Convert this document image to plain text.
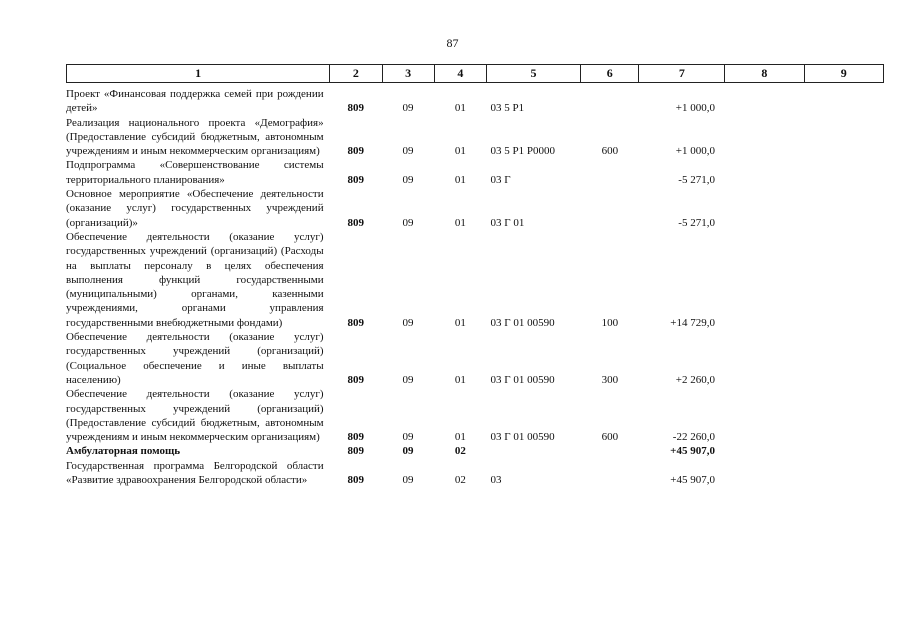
87
1	2	3	4	5	6	7	8	9
Проект «Финансовая поддержка семей при рождении детей»	809	09	01	03 5 Р1		+1 000,0		
Реализация национального проекта «Демография» (Предоставление субсидий бюджетным, автономным учреждениям и иным некоммерческим организациям)	809	09	01	03 5 Р1 Р0000	600	+1 000,0		
Подпрограмма «Совершенствование системы территориального планирования»	809	09	01	03 Г		-5 271,0		
Основное мероприятие «Обеспечение деятельности (оказание услуг) государственных учреждений (организаций)»	809	09	01	03 Г 01		-5 271,0		
Обеспечение деятельности (оказание услуг) государственных учреждений (организаций) (Расходы на выплаты персоналу в целях обеспечения выполнения функций государственными (муниципальными) органами, казенными учреждениями, органами управления государственными внебюджетными фондами)	809	09	01	03 Г 01 00590	100	+14 729,0		
Обеспечение деятельности (оказание услуг) государственных учреждений (организаций) (Социальное обеспечение и иные выплаты населению)	809	09	01	03 Г 01 00590	300	+2 260,0		
Обеспечение деятельности (оказание услуг) государственных учреждений (организаций) (Предоставление субсидий бюджетным, автономным учреждениям и иным некоммерческим организациям)	809	09	01	03 Г 01 00590	600	-22 260,0		
Амбулаторная помощь	809	09	02			+45 907,0		
Государственная программа Белгородской области «Развитие здравоохранения Белгородской области»	809	09	02	03		+45 907,0		
